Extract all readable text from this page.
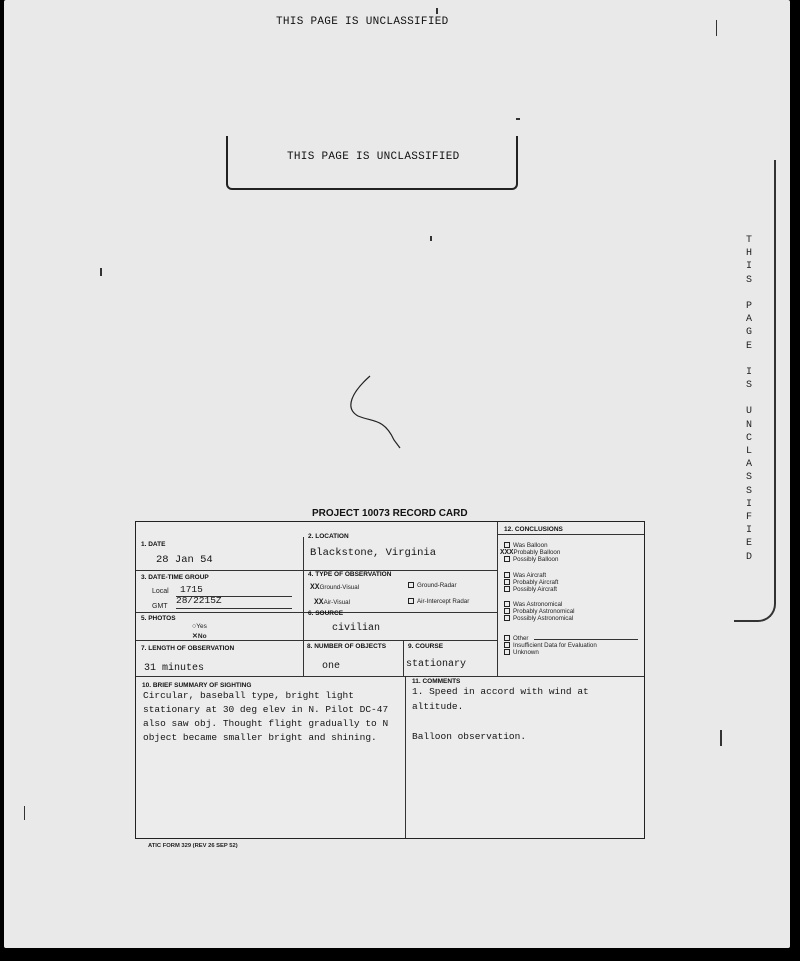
THIS PAGE IS UNCLASSIFIED
THIS PAGE IS UNCLASSIFIED
T
H
I
S

P
A
G
E

I
S

U
N
C
L
A
S
S
I
F
I
E
D
PROJECT 10073 RECORD CARD
1. DATE
28 Jan 54
2. LOCATION
Blackstone, Virginia
3. DATE-TIME GROUP
Local 1715
GMT
28/2215Z
4. TYPE OF OBSERVATION
XXGround-Visual	Ground-Radar
XXAir-Visual	Air-Intercept Radar
5. PHOTOS
○Yes
✕No
6. SOURCE
civilian
7. LENGTH OF OBSERVATION
31 minutes
8. NUMBER OF OBJECTS
one
9. COURSE
stationary
12. CONCLUSIONS
Was Balloon
XXXProbably Balloon
Possibly Balloon
Was Aircraft
Probably Aircraft
Possibly Aircraft
Was Astronomical
Probably Astronomical
Possibly Astronomical
Other
Insufficient Data for Evaluation
Unknown
10. BRIEF SUMMARY OF SIGHTING
Circular, baseball type, bright light
stationary at 30 deg elev in N. Pilot DC-47
also saw obj. Thought flight gradually to N
object became smaller bright and shining.
11. COMMENTS
1. Speed in accord with wind at altitude.

Balloon observation.
ATIC FORM 329 (REV 26 SEP 52)
